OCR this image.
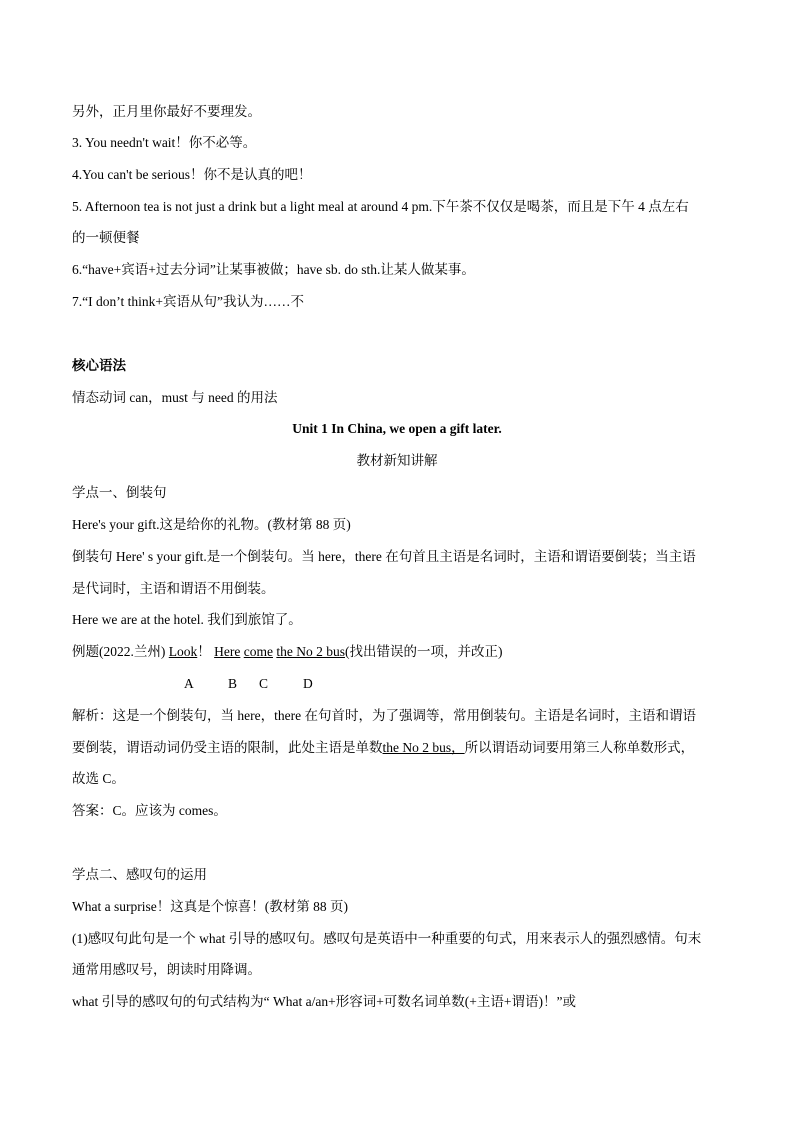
另外，正月里你最好不要理发。
3. You needn't wait！你不必等。
4.You can't be serious！你不是认真的吧！
5. Afternoon tea is not just a drink but a light meal at around 4 pm.下午茶不仅仅是喝茶，而且是下午 4 点左右
的一顿便餐
6.“have+宾语+过去分词”让某事被做；have sb. do sth.让某人做某事。
7.“I don’t think+宾语从句”我认为……不
核心语法
情态动词 can，must 与 need 的用法
Unit 1 In China, we open a gift later.
教材新知讲解
学点一、倒装句
Here's your gift.这是给你的礼物。(教材第 88 页)
倒装句 Here' s your gift.是一个倒装句。当 here，there 在句首且主语是名词时，主语和谓语要倒装；当主语
是代词时，主语和谓语不用倒装。
Here we are at the hotel. 我们到旅馆了。
例题(2022.兰州) Look！ Here come the No 2 bus(找出错误的一项，并改正)
A	B C	D
解析：这是一个倒装句，当 here，there 在句首时，为了强调等，常用倒装句。主语是名词时，主语和谓语
要倒装，谓语动词仍受主语的限制，此处主语是单数the No 2 bus，所以谓语动词要用第三人称单数形式，
故选 C。
答案：C。应该为 comes。
学点二、感叹句的运用
What a surprise！这真是个惊喜！(教材第 88 页)
(1)感叹句此句是一个 what 引导的感叹句。感叹句是英语中一种重要的句式，用来表示人的强烈感情。句末
通常用感叹号，朗读时用降调。
what 引导的感叹句的句式结构为“ What a/an+形容词+可数名词单数(+主语+谓语)！”或
